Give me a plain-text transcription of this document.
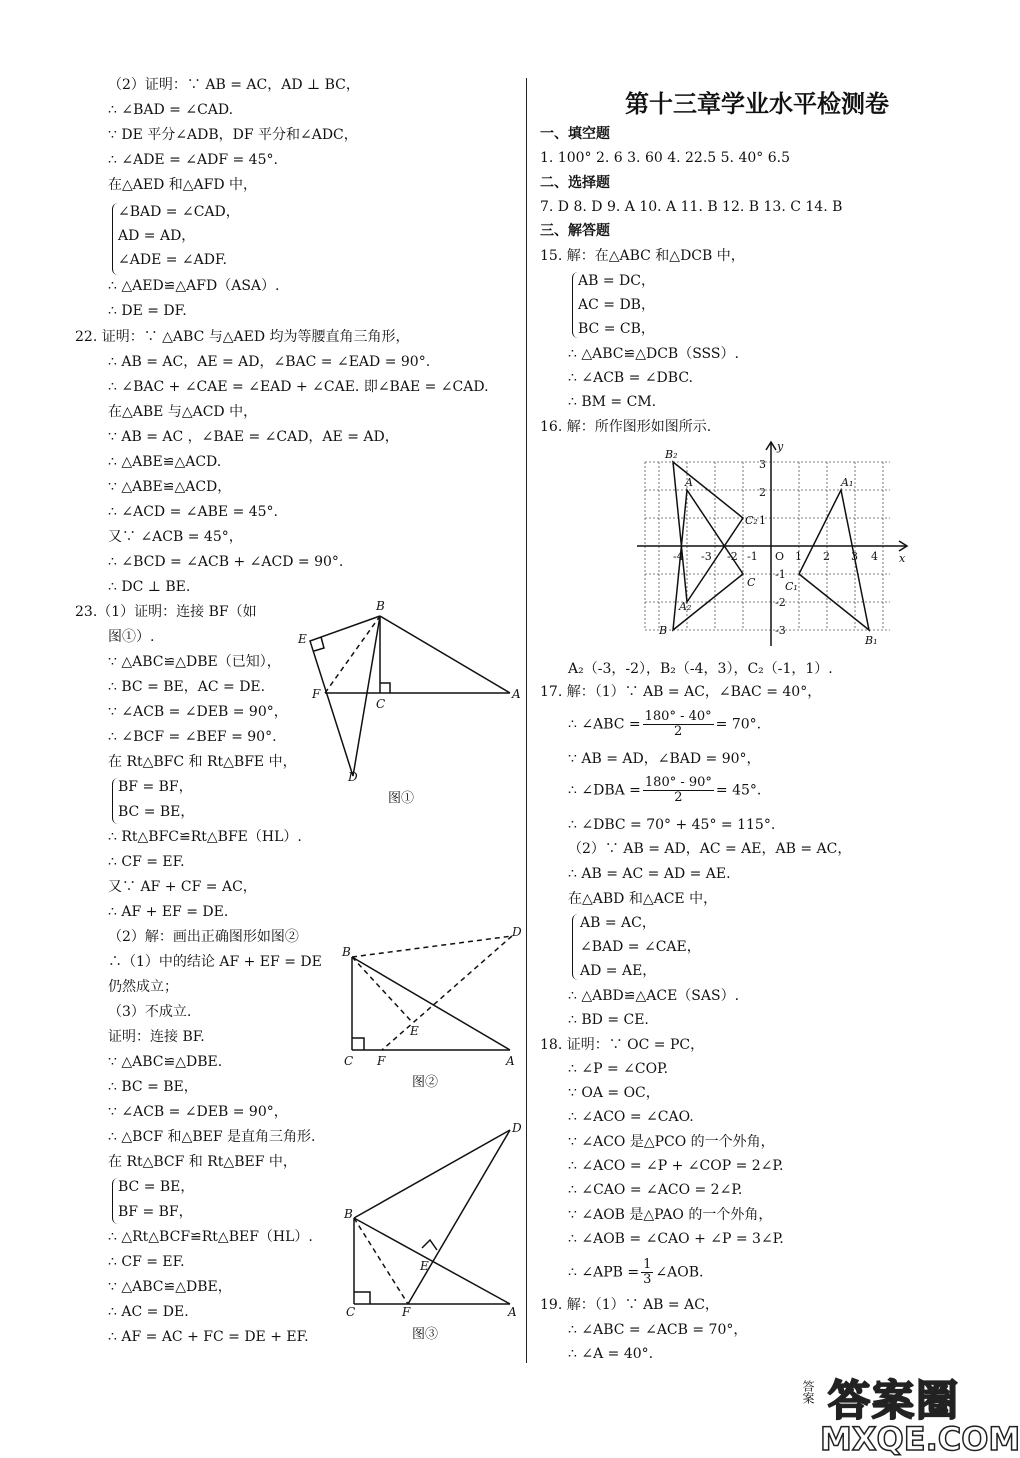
（2）证明：∵ AB = AC，AD ⊥ BC，
∴ ∠BAD = ∠CAD.
∵ DE 平分∠ADB，DF 平分和∠ADC，
∴ ∠ADE = ∠ADF = 45°.
在△AED 和△AFD 中，
∠BAD = ∠CAD，
AD = AD，
∠ADE = ∠ADF.
∴ △AED≌△AFD（ASA）.
∴ DE = DF.
22. 证明：∵ △ABC 与△AED 均为等腰直角三角形，
∴ AB = AC，AE = AD，∠BAC = ∠EAD = 90°.
∴ ∠BAC + ∠CAE = ∠EAD + ∠CAE. 即∠BAE = ∠CAD.
在△ABE 与△ACD 中，
∵ AB = AC ，∠BAE = ∠CAD，AE = AD，
∴ △ABE≌△ACD.
∵ △ABE≌△ACD，
∴ ∠ACD = ∠ABE = 45°.
又∵ ∠ACB = 45°，
∴ ∠BCD = ∠ACB + ∠ACD = 90°.
∴ DC ⊥ BE.
23.（1）证明：连接 BF（如
图①）.
∵ △ABC≌△DBE（已知），
∴ BC = BE，AC = DE.
∵ ∠ACB = ∠DEB = 90°，
∴ ∠BCF = ∠BEF = 90°.
在 Rt△BFC 和 Rt△BFE 中，
BF = BF，
BC = BE，
∴ Rt△BFC≌Rt△BFE（HL）.
∴ CF = EF.
又∵ AF + CF = AC，
∴ AF + EF = DE.
（2）解：画出正确图形如图②
∴（1）中的结论 AF + EF = DE
仍然成立；
（3）不成立.
证明：连接 BF.
∵ △ABC≌△DBE.
∴ BC = BE，
∵ ∠ACB = ∠DEB = 90°，
∴ △BCF 和△BEF 是直角三角形.
在 Rt△BCF 和 Rt△BEF 中，
BC = BE，
BF = BF，
∴ △Rt△BCF≌Rt△BEF（HL）.
∴ CF = EF.
∵ △ABC≌△DBE，
∴ AC = DE.
∴ AF = AC + FC = DE + EF.
B
E
F
C
A
D
图①
B
D
E
C F	A
图②
D
B
E
C	F	A
图③
第十三章学业水平检测卷
y
x
B₂
A₂
C₂
A₁
C₁
B₁
A
B
C
-4 -3 -2 -1 O 1 2 3 4
3
2
1
-1
-2
-3
答案 答案圈
MXQE.COM
一、填空题
1. 100° 2. 6 3. 60 4. 22.5 5. 40° 6.5
二、选择题
7. D 8. D 9. A 10. A 11. B 12. B 13. C 14. B
三、解答题
15. 解：在△ABC 和△DCB 中，
AB = DC，
AC = DB，
BC = CB，
∴ △ABC≌△DCB（SSS）.
∴ ∠ACB = ∠DBC.
∴ BM = CM.
16. 解：所作图形如图所示.
A₂（-3，-2），B₂（-4，3），C₂（-1，1）.
17. 解：（1）∵ AB = AC，∠BAC = 40°，
∴ ∠ABC = $\frac{180^\circ - 40^\circ}{2} = 70^\circ$.
∵ AB = AD，∠BAD = 90°，
∴ ∠DBA = $\frac{180^\circ - 90^\circ}{2} = 45^\circ$.
∴ ∠DBC = 70° + 45° = 115°.
（2）∵ AB = AD，AC = AE，AB = AC，
∴ AB = AC = AD = AE.
在△ABD 和△ACE 中，
AB = AC，
∠BAD = ∠CAE，
AD = AE，
∴ △ABD≌△ACE（SAS）.
∴ BD = CE.
18. 证明：∵ OC = PC，
∴ ∠P = ∠COP.
∵ OA = OC，
∴ ∠ACO = ∠CAO.
∵ ∠ACO 是△PCO 的一个外角，
∴ ∠ACO = ∠P + ∠COP = 2∠P.
∴ ∠CAO = ∠ACO = 2∠P.
∵ ∠AOB 是△PAO 的一个外角，
∴ ∠AOB = ∠CAO + ∠P = 3∠P.
∴ ∠APB = $\frac{1}{3}$ ∠AOB.
19. 解：（1）∵ AB = AC，
∴ ∠ABC = ∠ACB = 70°，
∴ ∠A = 40°.
